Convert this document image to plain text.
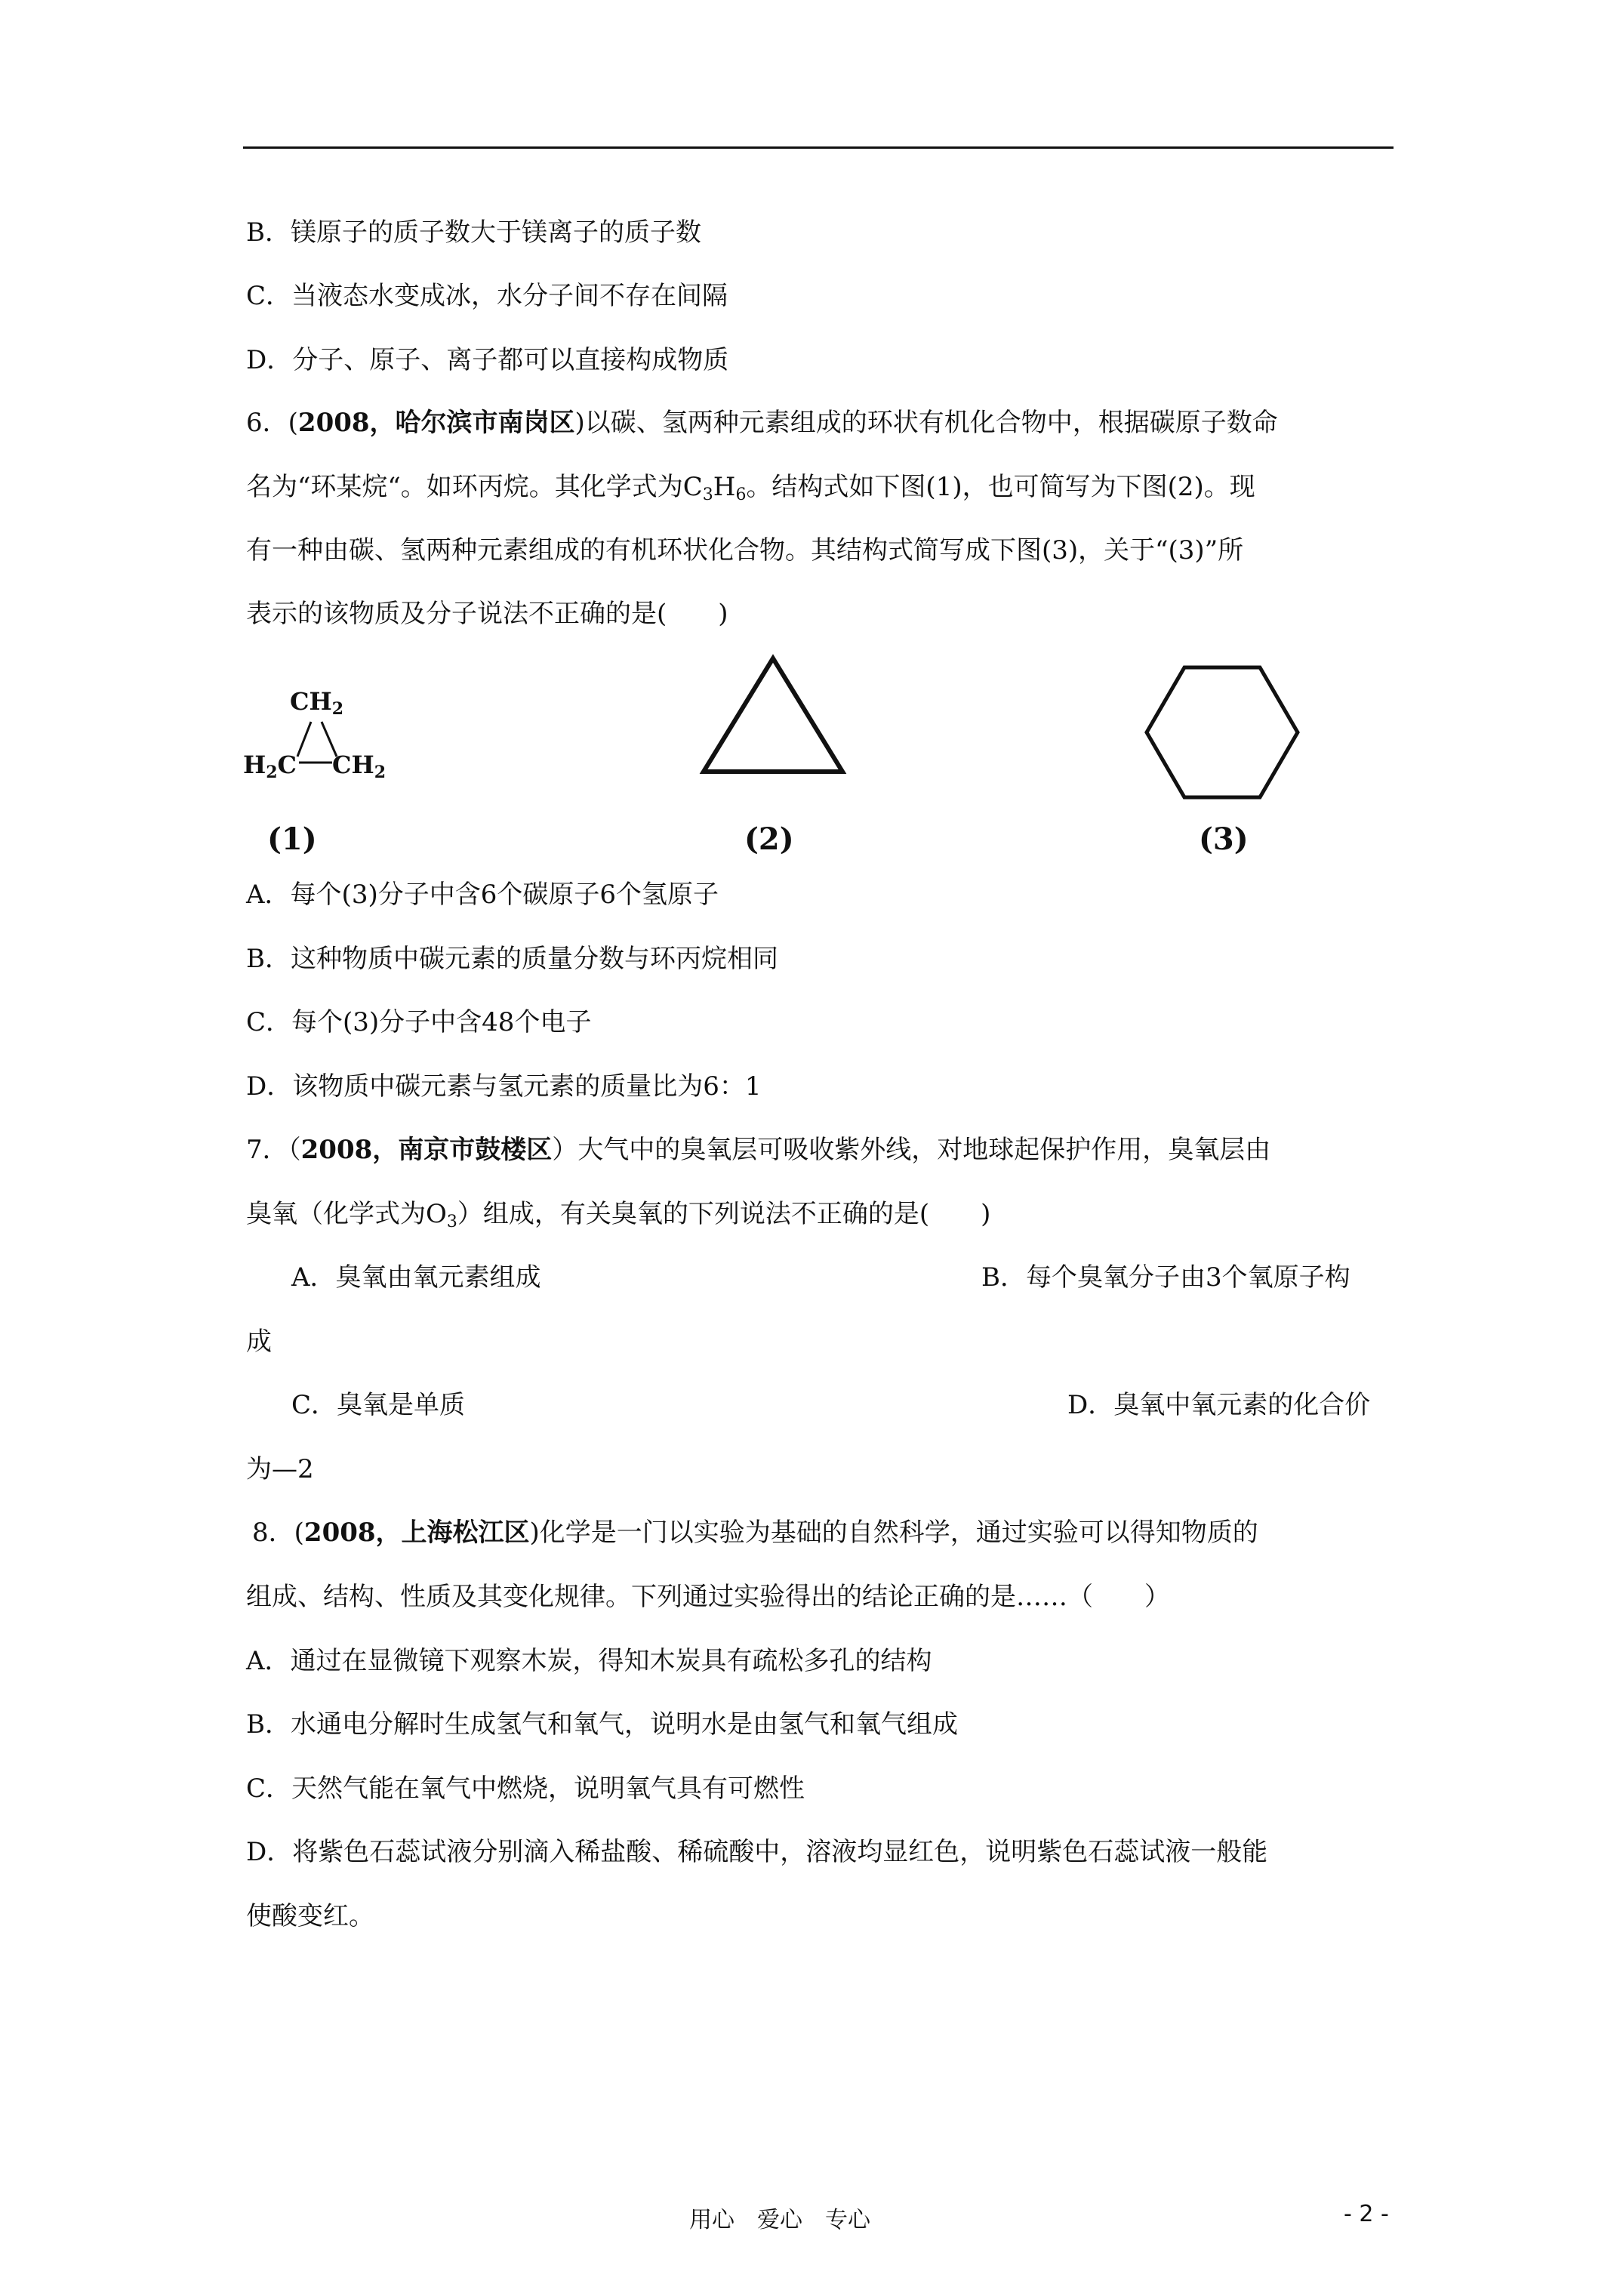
B．镁原子的质子数大于镁离子的质子数
C．当液态水变成冰，水分子间不存在间隔
D．分子、原子、离子都可以直接构成物质
6．(2008，哈尔滨市南岗区)以碳、氢两种元素组成的环状有机化合物中，根据碳原子数命
名为“环某烷“。如环丙烷。其化学式为$C_3H_6$。结构式如下图(1)，也可简写为下图(2)。现
有一种由碳、氢两种元素组成的有机环状化合物。其结构式简写成下图(3)，关于“(3)”所
表示的该物质及分子说法不正确的是(　　)
$CH_2$
$H_2C$ $CH_2$
(1)	(2)	(3)
A．每个(3)分子中含6个碳原子6个氢原子
B．这种物质中碳元素的质量分数与环丙烷相同
C．每个(3)分子中含48个电子
D．该物质中碳元素与氢元素的质量比为6：1
7．（2008，南京市鼓楼区）大气中的臭氧层可吸收紫外线，对地球起保护作用，臭氧层由
臭氧（化学式为$O_3$）组成，有关臭氧的下列说法不正确的是(　　)
A．臭氧由氧元素组成	B．每个臭氧分子由3个氧原子构
成
C．臭氧是单质	D．臭氧中氧元素的化合价
为—2
8．(2008，上海松江区)化学是一门以实验为基础的自然科学，通过实验可以得知物质的
组成、结构、性质及其变化规律。下列通过实验得出的结论正确的是……（　　）
A．通过在显微镜下观察木炭，得知木炭具有疏松多孔的结构
B．水通电分解时生成氢气和氧气，说明水是由氢气和氧气组成
C．天然气能在氧气中燃烧，说明氧气具有可燃性
D．将紫色石蕊试液分别滴入稀盐酸、稀硫酸中，溶液均显红色，说明紫色石蕊试液一般能
使酸变红。
用心　爱心　专心	- 2 -
